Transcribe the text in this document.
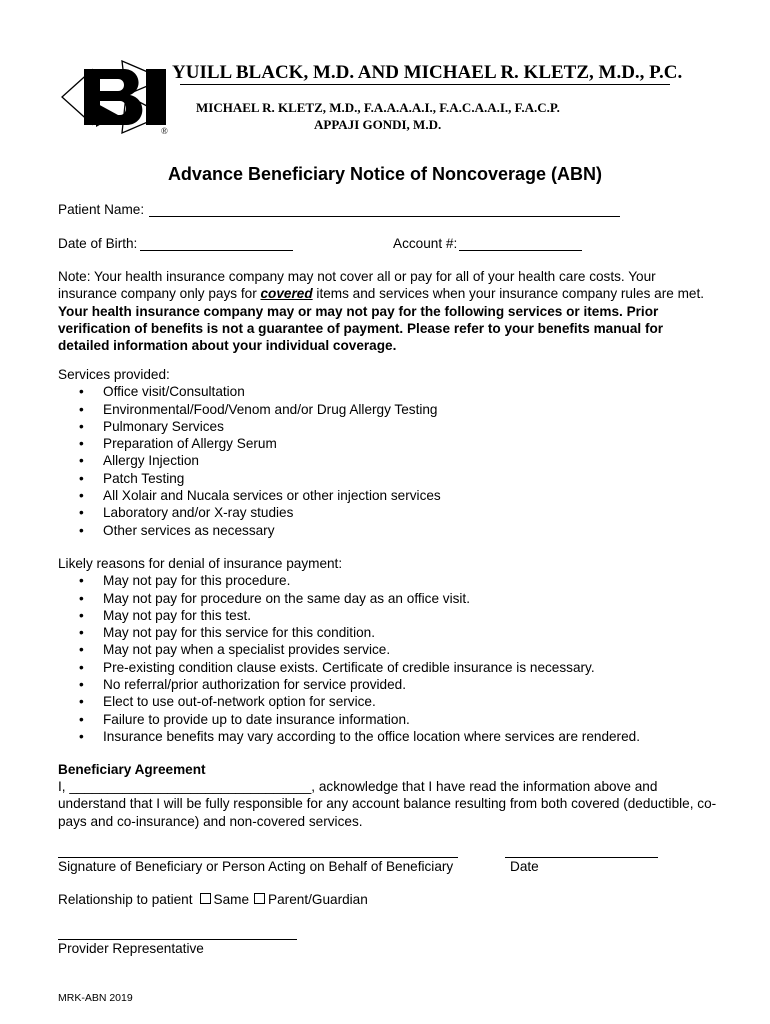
®
YUILL BLACK, M.D. AND MICHAEL R. KLETZ, M.D., P.C.
MICHAEL R. KLETZ, M.D., F.A.A.A.A.I., F.A.C.A.A.I., F.A.C.P.
APPAJI GONDI, M.D.
Advance Beneficiary Notice of Noncoverage (ABN)
Patient Name:
Date of Birth:	Account #:
Note: Your health insurance company may not cover all or pay for all of your health care costs. Your insurance company only pays for covered items and services when your insurance company rules are met. Your health insurance company may or may not pay for the following services or items. Prior verification of benefits is not a guarantee of payment. Please refer to your benefits manual for detailed information about your individual coverage.
Services provided:
• Office visit/Consultation
• Environmental/Food/Venom and/or Drug Allergy Testing
• Pulmonary Services
• Preparation of Allergy Serum
• Allergy Injection
• Patch Testing
• All Xolair and Nucala services or other injection services
• Laboratory and/or X-ray studies
• Other services as necessary
Likely reasons for denial of insurance payment:
• May not pay for this procedure.
• May not pay for procedure on the same day as an office visit.
• May not pay for this test.
• May not pay for this service for this condition.
• May not pay when a specialist provides service.
• Pre-existing condition clause exists. Certificate of credible insurance is necessary.
• No referral/prior authorization for service provided.
• Elect to use out-of-network option for service.
• Failure to provide up to date insurance information.
• Insurance benefits may vary according to the office location where services are rendered.
Beneficiary Agreement
I, ________________________________, acknowledge that I have read the information above and
understand that I will be fully responsible for any account balance resulting from both covered (deductible, co-pays and co-insurance) and non-covered services.
Signature of Beneficiary or Person Acting on Behalf of Beneficiary	Date
Relationship to patient Same Parent/Guardian
Provider Representative
MRK-ABN 2019
